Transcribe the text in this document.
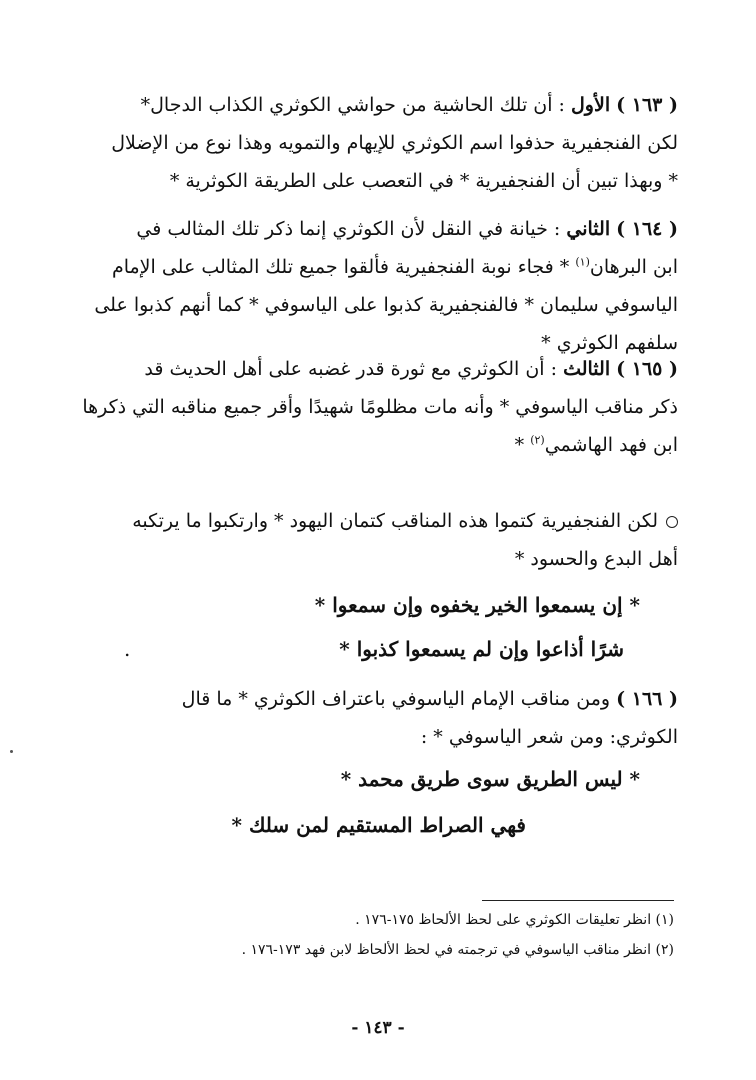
( ١٦٣ ) الأول : أن تلك الحاشية من حواشي الكوثري الكذاب الدجال*
لكن الفنجفيرية حذفوا اسم الكوثري للإيهام والتمويه وهذا نوع من الإضلال
* وبهذا تبين أن الفنجفيرية * في التعصب على الطريقة الكوثرية *
( ١٦٤ ) الثاني : خيانة في النقل لأن الكوثري إنما ذكر تلك المثالب في
ابن البرهان$^{(١)}$ * فجاء نوبة الفنجفيرية فألقوا جميع تلك المثالب على الإمام
الياسوفي سليمان * فالفنجفيرية كذبوا على الياسوفي * كما أنهم كذبوا على
سلفهم الكوثري *
( ١٦٥ ) الثالث : أن الكوثري مع ثورة قدر غضبه على أهل الحديث قد
ذكر مناقب الياسوفي * وأنه مات مظلومًا شهيدًا وأقر جميع مناقبه التي ذكرها
ابن فهد الهاشمي$^{(٢)}$ *
لكن الفنجفيرية كتموا هذه المناقب كتمان اليهود * وارتكبوا ما يرتكبه
أهل البدع والحسود *
* إن يسمعوا الخير يخفوه وإن سمعوا *
شرًا أذاعوا وإن لم يسمعوا كذبوا *
.
( ١٦٦ ) ومن مناقب الإمام الياسوفي باعتراف الكوثري * ما قال
الكوثري: ومن شعر الياسوفي * :
* ليس الطريق سوى طريق محمد *
فهي الصراط المستقيم لمن سلك *
(١) انظر تعليقات الكوثري على لحظ الألحاظ ١٧٥-١٧٦ .
(٢) انظر مناقب الياسوفي في ترجمته في لحظ الألحاظ لابن فهد ١٧٣-١٧٦ .
- ١٤٣ -
